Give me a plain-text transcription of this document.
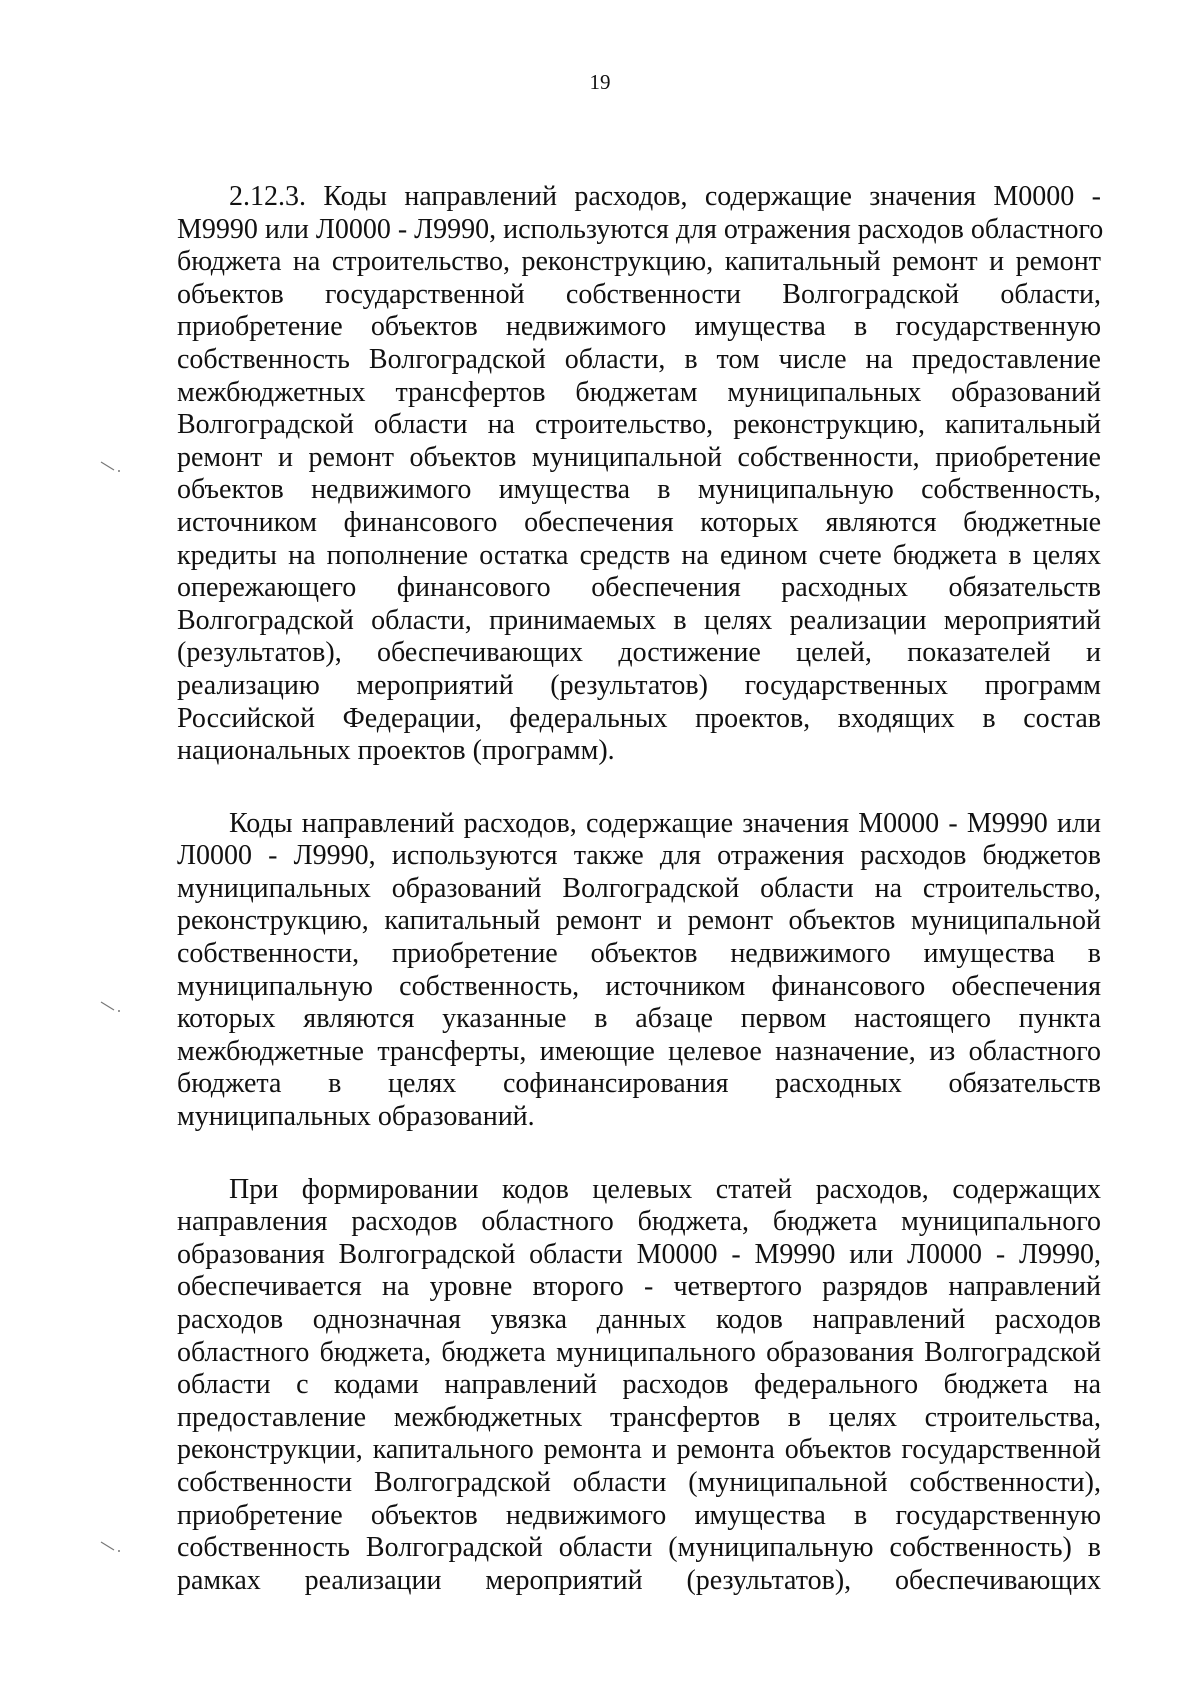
19

2.12.3. Коды направлений расходов, содержащие значения М0000 -
М9990 или Л0000 - Л9990, используются для отражения расходов областного
бюджета на строительство, реконструкцию, капитальный ремонт и ремонт
объектов государственной собственности Волгоградской области,
приобретение объектов недвижимого имущества в государственную
собственность Волгоградской области, в том числе на предоставление
межбюджетных трансфертов бюджетам муниципальных образований
Волгоградской области на строительство, реконструкцию, капитальный
ремонт и ремонт объектов муниципальной собственности, приобретение
объектов недвижимого имущества в муниципальную собственность,
источником финансового обеспечения которых являются бюджетные
кредиты на пополнение остатка средств на едином счете бюджета в целях
опережающего финансового обеспечения расходных обязательств
Волгоградской области, принимаемых в целях реализации мероприятий
(результатов), обеспечивающих достижение целей, показателей и
реализацию мероприятий (результатов) государственных программ
Российской Федерации, федеральных проектов, входящих в состав
национальных проектов (программ).

Коды направлений расходов, содержащие значения М0000 - М9990 или
Л0000 - Л9990, используются также для отражения расходов бюджетов
муниципальных образований Волгоградской области на строительство,
реконструкцию, капитальный ремонт и ремонт объектов муниципальной
собственности, приобретение объектов недвижимого имущества в
муниципальную собственность, источником финансового обеспечения
которых являются указанные в абзаце первом настоящего пункта
межбюджетные трансферты, имеющие целевое назначение, из областного
бюджета в целях софинансирования расходных обязательств
муниципальных образований.

При формировании кодов целевых статей расходов, содержащих
направления расходов областного бюджета, бюджета муниципального
образования Волгоградской области М0000 - М9990 или Л0000 - Л9990,
обеспечивается на уровне второго - четвертого разрядов направлений
расходов однозначная увязка данных кодов направлений расходов
областного бюджета, бюджета муниципального образования Волгоградской
области с кодами направлений расходов федерального бюджета на
предоставление межбюджетных трансфертов в целях строительства,
реконструкции, капитального ремонта и ремонта объектов государственной
собственности Волгоградской области (муниципальной собственности),
приобретение объектов недвижимого имущества в государственную
собственность Волгоградской области (муниципальную собственность) в
рамках реализации мероприятий (результатов), обеспечивающих
